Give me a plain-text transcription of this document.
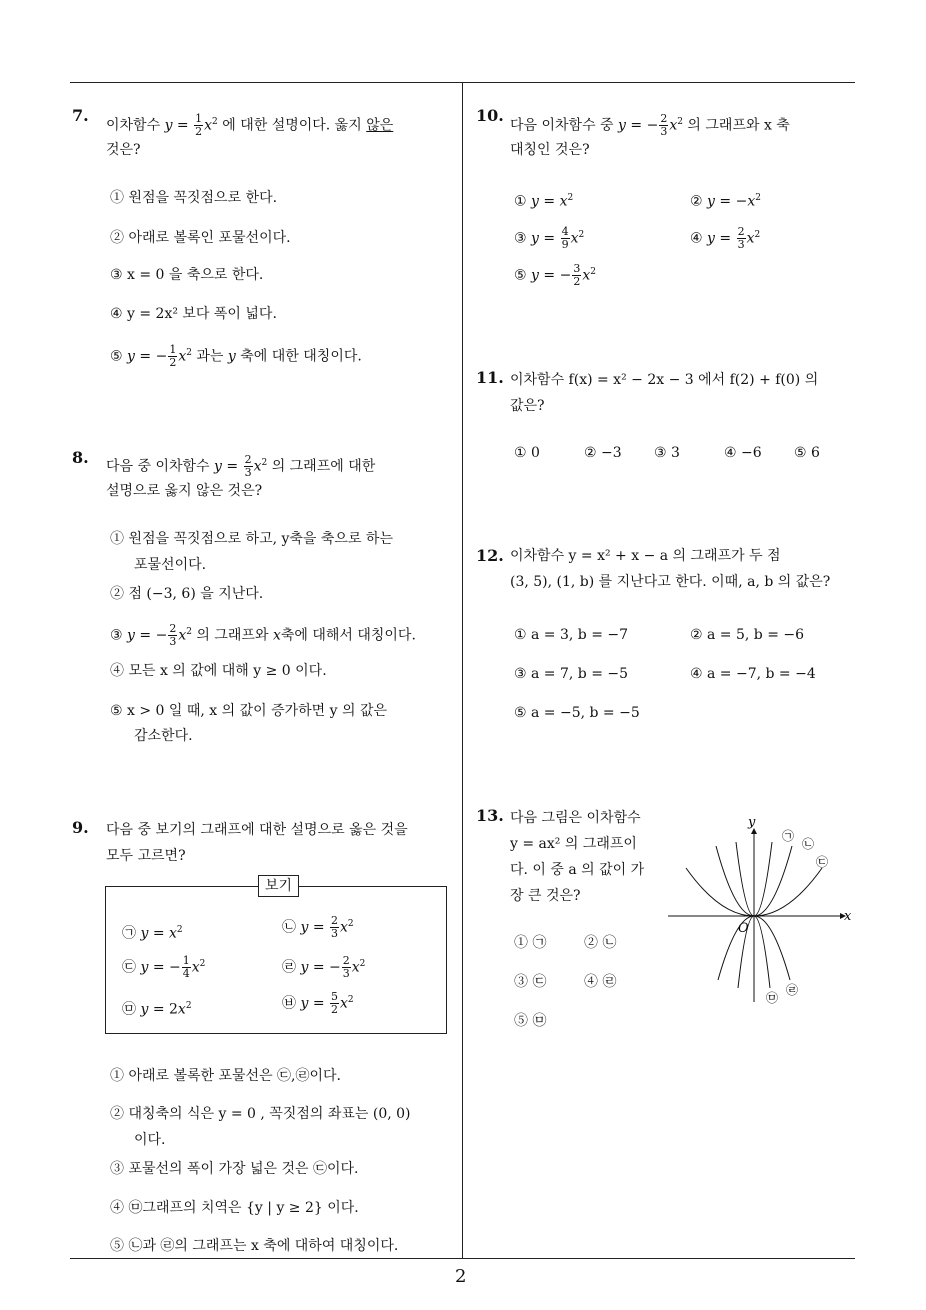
7.
이차함수 $y = \frac{1}{2} x^2$ 에 대한 설명이다. 옳지 않은
것은?
① 원점을 꼭짓점으로 한다.
② 아래로 볼록인 포물선이다.
③ x = 0 을 축으로 한다.
④ y = 2x² 보다 폭이 넓다.
⑤ y = − $\frac{1}{2} x^2$ 과는 y 축에 대한 대칭이다.
8. 다음 중 이차함수 $y = \frac{2}{3} x^2$ 의 그래프에 대한
설명으로 옳지 않은 것은?
① 원점을 꼭짓점으로 하고, y축을 축으로 하는
포물선이다.
② 점 (−3, 6) 을 지난다.
③ y = − $\frac{2}{3} x^2$ 의 그래프와 x축에 대해서 대칭이다.
④ 모든 x 의 값에 대해 y ≥ 0 이다.
⑤ x > 0 일 때, x 의 값이 증가하면 y 의 값은
감소한다.
9. 다음 중 보기의 그래프에 대한 설명으로 옳은 것을
모두 고르면?
보기
㉠ $y = x^2$	㉡ $y = \frac{2}{3} x^2$
㉢ y = − $\frac{1}{4} x^2$	㉣ y = − $\frac{2}{3} x^2$
㉤ $y = 2x^2$	㉥ $y = \frac{5}{2} x^2$
① 아래로 볼록한 포물선은 ㉢,㉣이다.
② 대칭축의 식은 y = 0 , 꼭짓점의 좌표는 (0, 0)
이다.
③ 포물선의 폭이 가장 넓은 것은 ㉢이다.
④ ㉤그래프의 치역은 {y | y ≥ 2} 이다.
⑤ ㉡과 ㉣의 그래프는 x 축에 대하여 대칭이다.
10.
다음 이차함수 중 y = − $\frac{2}{3} x^2$ 의 그래프와 x 축
대칭인 것은?
① $y = x^2$	② $y = -x^2$
③ $y = \frac{4}{9} x^2$	④ $y = \frac{2}{3} x^2$
⑤ y = − $\frac{3}{2} x^2$
11. 이차함수 f(x) = x² − 2x − 3 에서 f(2) + f(0) 의
값은?
① 0	② −3 ③ 3	④ −6 ⑤ 6
12. 이차함수 y = x² + x − a 의 그래프가 두 점
(3, 5), (1, b) 를 지난다고 한다. 이때, a, b 의 값은?
① a = 3, b = −7	② a = 5, b = −6
③ a = 7, b = −5	④ a = −7, b = −4
⑤ a = −5, b = −5
13. 다음 그림은 이차함수
y = ax² 의 그래프이
다. 이 중 a 의 값이 가
장 큰 것은?
① ㉠	② ㉡
③ ㉢	④ ㉣
⑤ ㉤
x
y
O
㉠
㉡
㉢
㉣
㉤
2
